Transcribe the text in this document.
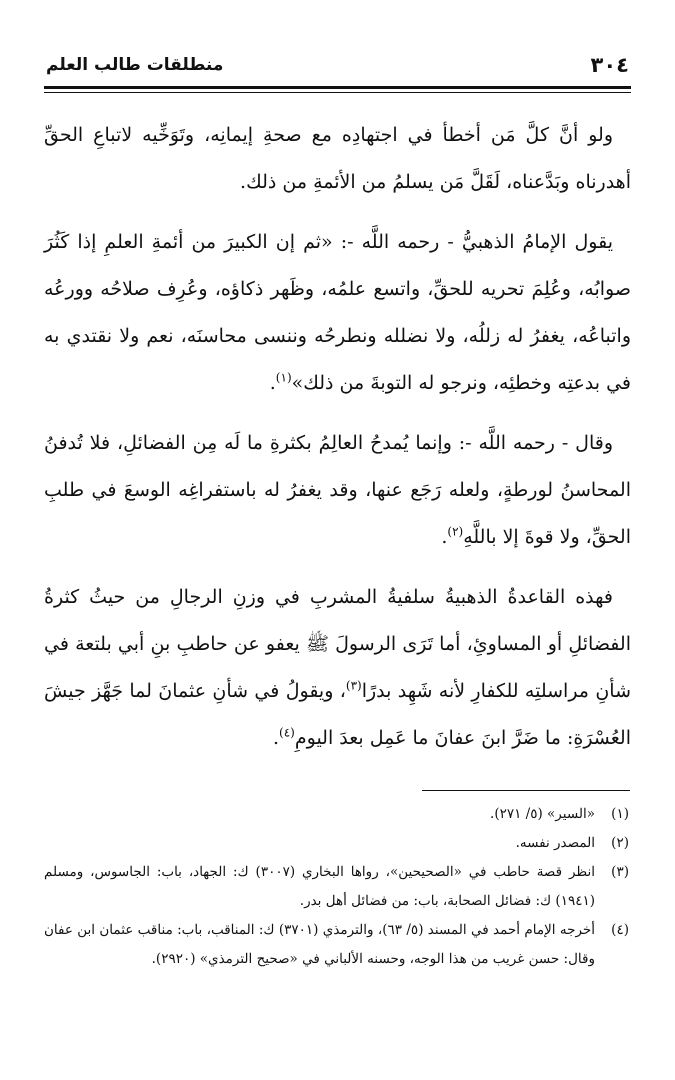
منطلقات طالب العلم	٣٠٤

ولو أنَّ كلَّ مَن أخطأ في اجتهادِه مع صحةِ إيمانِه، وتَوَخِّيه لاتباعِ الحقِّ أهدرناه وبَدَّعناه، لَقَلَّ مَن يسلمُ من الأئمةِ من ذلك.

يقول الإمامُ الذهبيُّ - رحمه اللَّه -: «ثم إن الكبيرَ من أئمةِ العلمِ إذا كَثُرَ صوابُه، وعُلِمَ تحريه للحقِّ، واتسع علمُه، وظَهر ذكاؤه، وعُرِف صلاحُه وورعُه واتباعُه، يغفرُ له زللُه، ولا نضلله ونطرحُه وننسى محاسنَه، نعم ولا نقتدي به في بدعتِه وخطئِه، ونرجو له التوبةَ من ذلك»$^{(١)}$.

وقال - رحمه اللَّه -: وإنما يُمدحُ العالِمُ بكثرةِ ما لَه مِن الفضائلِ، فلا تُدفنُ المحاسنُ لورطةٍ، ولعله رَجَع عنها، وقد يغفرُ له باستفراغِه الوسعَ في طلبِ الحقِّ، ولا قوةَ إلا باللَّهِ$^{(٢)}$.

فهذه القاعدةُ الذهبيةُ سلفيةُ المشربِ في وزنِ الرجالِ من حيثُ كثرةُ الفضائلِ أو المساوئِ، أما تَرَى الرسولَ ﷺ يعفو عن حاطبِ بنِ أبي بلتعة في شأنِ مراسلتِه للكفارِ لأنه شَهِد بدرًا$^{(٣)}$، ويقولُ في شأنِ عثمانَ لما جَهَّز جيشَ العُسْرَةِ: ما ضَرَّ ابنَ عفانَ ما عَمِل بعدَ اليومِ$^{(٤)}$.

(١)
«السير» (٥/ ٢٧١).
(٢)
المصدر نفسه.
(٣)
انظر قصة حاطب في «الصحيحين»، رواها البخاري (٣٠٠٧) ك: الجهاد، باب: الجاسوس، ومسلم (١٩٤١) ك: فضائل الصحابة، باب: من فضائل أهل بدر.
(٤)
أخرجه الإمام أحمد في المسند (٥/ ٦٣)، والترمذي (٣٧٠١) ك: المناقب، باب: مناقب عثمان ابن عفان وقال: حسن غريب من هذا الوجه، وحسنه الألباني في «صحيح الترمذي» (٢٩٢٠).
